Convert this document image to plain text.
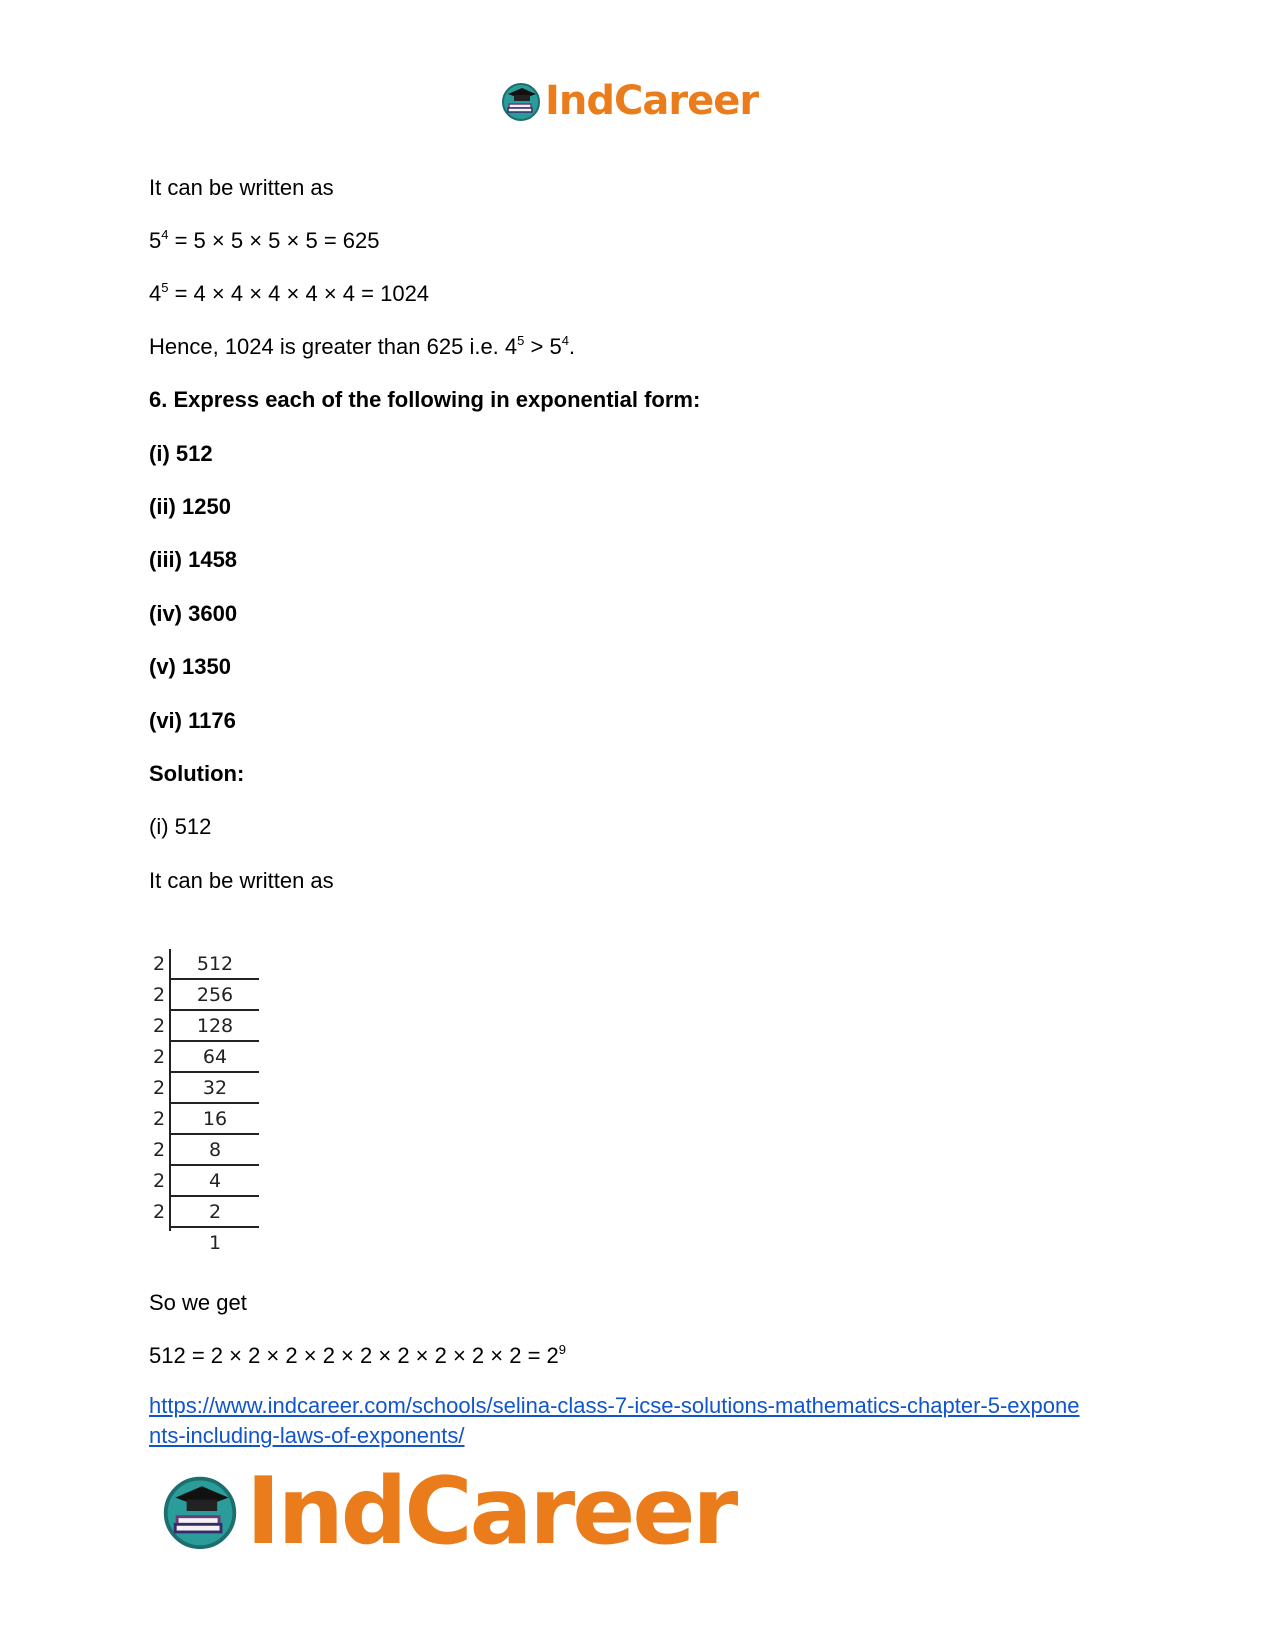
IndCareer
It can be written as
$5^4 = 5 \times 5 \times 5 \times 5 = 625$
$4^5 = 4 \times 4 \times 4 \times 4 \times 4 = 1024$
Hence, 1024 is greater than 625 i.e. $4^5 > 5^4$.
6. Express each of the following in exponential form:
(i) 512
(ii) 1250
(iii) 1458
(iv) 3600
(v) 1350
(vi) 1176
Solution:
(i) 512
It can be written as
2	512
2	256
2	128
2	64
2	32
2	16
2	8
2	4
2	2
1
So we get
$512 = 2 \times 2 \times 2 \times 2 \times 2 \times 2 \times 2 \times 2 \times 2 = 2^9$
https://www.indcareer.com/schools/selina-class-7-icse-solutions-mathematics-chapter-5-expone
nts-including-laws-of-exponents/
IndCareer
